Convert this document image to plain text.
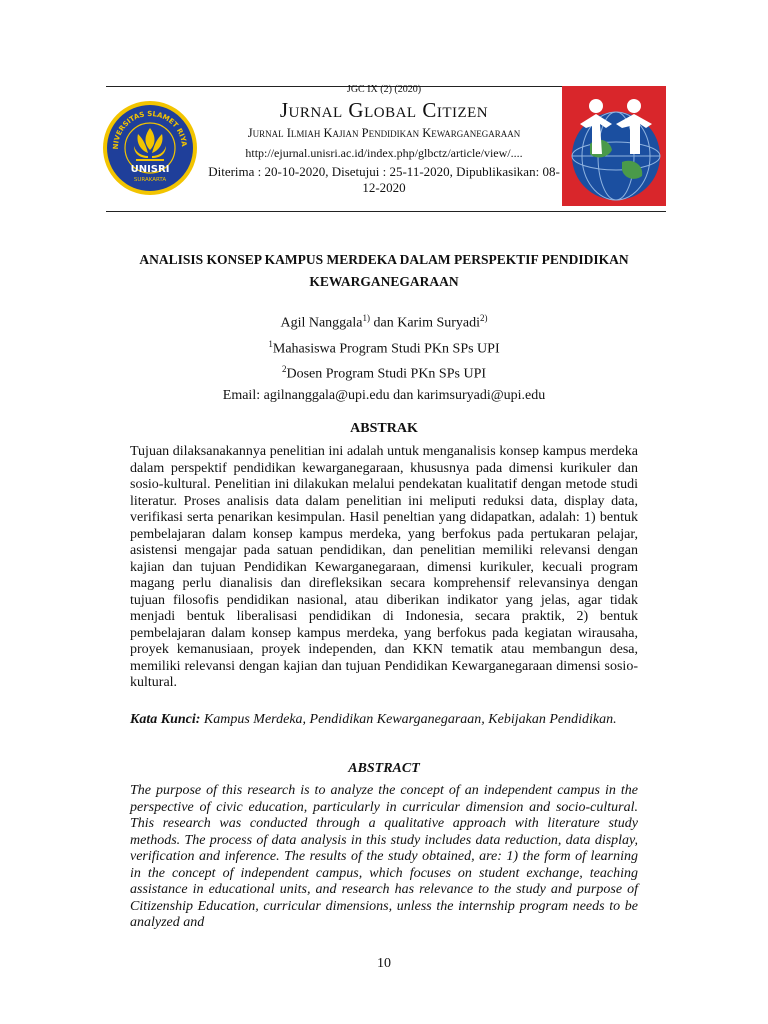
NIVERSITAS SLAMET RIYA
UNISRI
SURAKARTA
JGC IX (2) (2020)
Jurnal Global Citizen
Jurnal Ilmiah Kajian Pendidikan Kewarganegaraan
http://ejurnal.unisri.ac.id/index.php/glbctz/article/view/....
Diterima : 20-10-2020, Disetujui : 25-11-2020, Dipublikasikan: 08-12-2020
ANALISIS KONSEP KAMPUS MERDEKA DALAM PERSPEKTIF PENDIDIKAN
KEWARGANEGARAAN
Agil Nanggala$^{1)}$ dan Karim Suryadi$^{2)}$
$^1$Mahasiswa Program Studi PKn SPs UPI
$^2$Dosen Program Studi PKn SPs UPI
Email: agilnanggala@upi.edu dan karimsuryadi@upi.edu
ABSTRAK
Tujuan dilaksanakannya penelitian ini adalah untuk menganalisis konsep kampus merdeka dalam perspektif pendidikan kewarganegaraan, khususnya pada dimensi kurikuler dan sosio-kultural. Penelitian ini dilakukan melalui pendekatan kualitatif dengan metode studi literatur. Proses analisis data dalam penelitian ini meliputi reduksi data, display data, verifikasi serta penarikan kesimpulan. Hasil peneltian yang didapatkan, adalah: 1) bentuk pembelajaran dalam konsep kampus merdeka, yang berfokus pada pertukaran pelajar, asistensi mengajar pada satuan pendidikan, dan penelitian memiliki relevansi dengan kajian dan tujuan Pendidikan Kewarganegaraan, dimensi kurikuler, kecuali program magang perlu dianalisis dan direfleksikan secara komprehensif relevansinya dengan tujuan filosofis pendidikan nasional, atau diberikan indikator yang jelas, agar tidak menjadi bentuk liberalisasi pendidikan di Indonesia, secara praktik, 2) bentuk pembelajaran dalam konsep kampus merdeka, yang berfokus pada kegiatan wirausaha, proyek kemanusiaan, proyek independen, dan KKN tematik atau membangun desa, memiliki relevansi dengan kajian dan tujuan Pendidikan Kewarganegaraan dimensi sosio-kultural.
Kata Kunci: Kampus Merdeka, Pendidikan Kewarganegaraan, Kebijakan Pendidikan.
ABSTRACT
The purpose of this research is to analyze the concept of an independent campus in the perspective of civic education, particularly in curricular dimension and socio-cultural. This research was conducted through a qualitative approach with literature study methods. The process of data analysis in this study includes data reduction, data display, verification and inference. The results of the study obtained, are: 1) the form of learning in the concept of independent campus, which focuses on student exchange, teaching assistance in educational units, and research has relevance to the study and purpose of Citizenship Education, curricular dimensions, unless the internship program needs to be analyzed and
10
